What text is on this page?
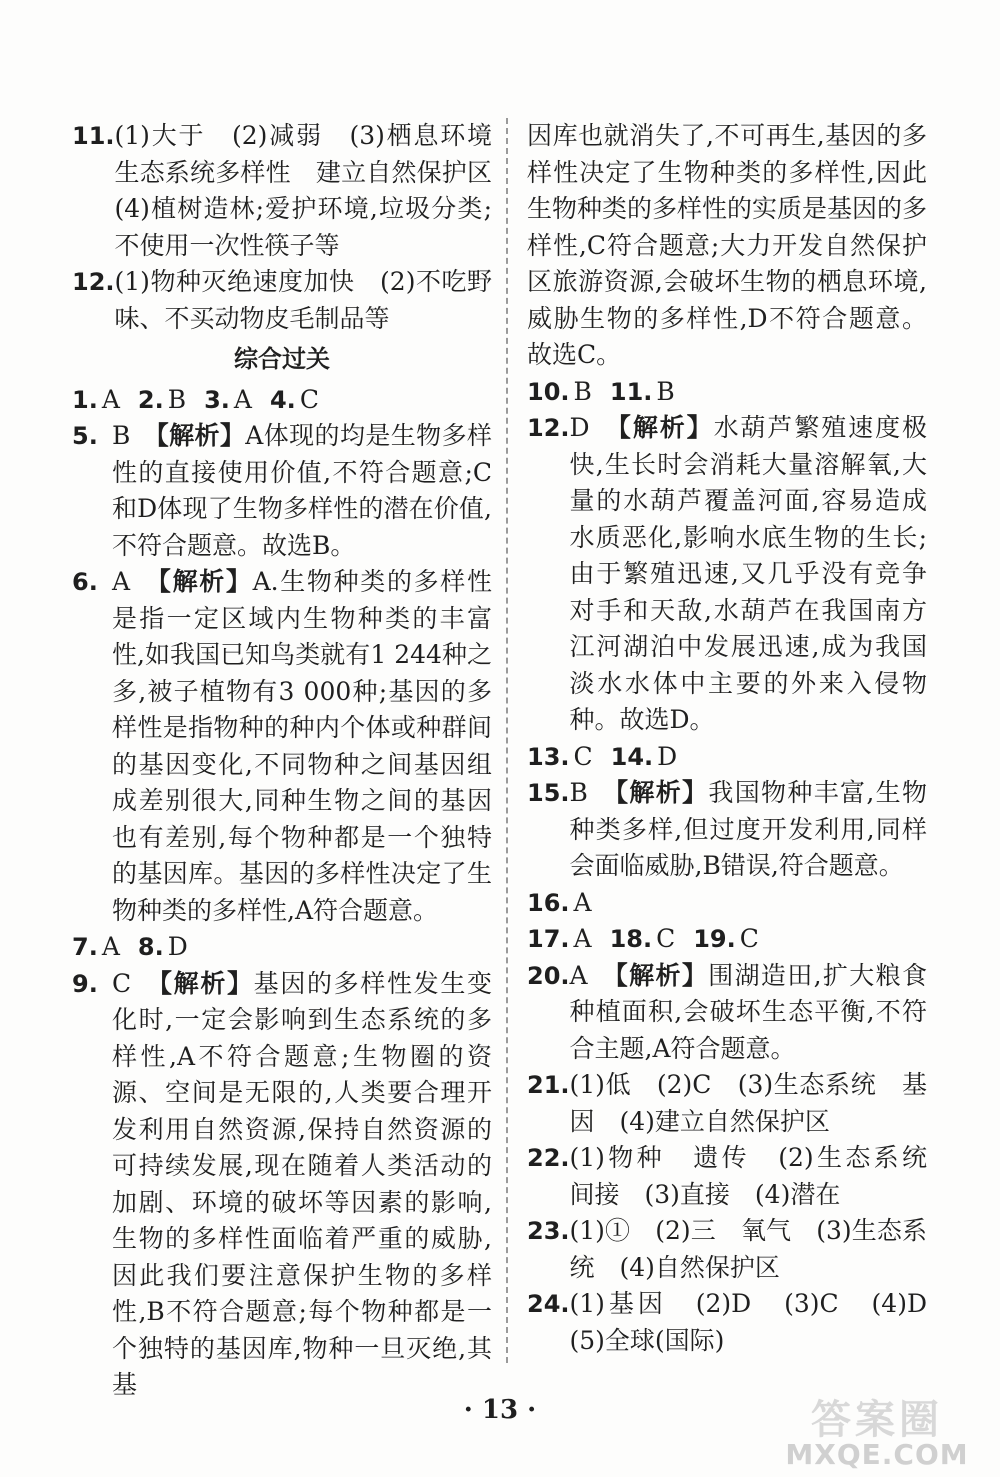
11. (1)大于　(2)减弱　(3)栖息环境　生态系统多样性　建立自然保护区　(4)植树造林;爱护环境,垃圾分类;不使用一次性筷子等
12. (1)物种灭绝速度加快　(2)不吃野味、不买动物皮毛制品等
综合过关
1. A 2. B 3. A 4. C
5. B　 【解析】A体现的均是生物多样性的直接使用价值,不符合题意;C和D体现了生物多样性的潜在价值,不符合题意。故选B。
6. A　 【解析】A.生物种类的多样性是指一定区域内生物种类的丰富性,如我国已知鸟类就有1 244种之多,被子植物有3 000种;基因的多样性是指物种的种内个体或种群间的基因变化,不同物种之间基因组成差别很大,同种生物之间的基因也有差别,每个物种都是一个独特的基因库。基因的多样性决定了生物种类的多样性,A符合题意。
7. A 8. D
9. C　 【解析】基因的多样性发生变化时,一定会影响到生态系统的多样性,A不符合题意;生物圈的资源、空间是无限的,人类要合理开发利用自然资源,保持自然资源的可持续发展,现在随着人类活动的加剧、环境的破坏等因素的影响,生物的多样性面临着严重的威胁,因此我们要注意保护生物的多样性,B不符合题意;每个物种都是一个独特的基因库,物种一旦灭绝,其基
因库也就消失了,不可再生,基因的多样性决定了生物种类的多样性,因此生物种类的多样性的实质是基因的多样性,C符合题意;大力开发自然保护区旅游资源,会破坏生物的栖息环境,威胁生物的多样性,D不符合题意。故选C。
10. B 11. B
12. D　 【解析】水葫芦繁殖速度极快,生长时会消耗大量溶解氧,大量的水葫芦覆盖河面,容易造成水质恶化,影响水底生物的生长;由于繁殖迅速,又几乎没有竞争对手和天敌,水葫芦在我国南方江河湖泊中发展迅速,成为我国淡水水体中主要的外来入侵物种。故选D。
13. C 14. D
15. B　 【解析】我国物种丰富,生物种类多样,但过度开发利用,同样会面临威胁,B错误,符合题意。
16. A
17. A 18. C 19. C
20. A　 【解析】围湖造田,扩大粮食种植面积,会破坏生态平衡,不符合主题,A符合题意。
21. (1)低　(2)C　(3)生态系统　基因　(4)建立自然保护区
22. (1)物种　遗传　(2)生态系统　间接　(3)直接　(4)潜在
23. (1)①　(2)三　氧气　(3)生态系统　(4)自然保护区
24. (1)基因　(2)D　(3)C　(4)D　(5)全球(国际)
· 13 ·	答案圈
MXQE.COM
